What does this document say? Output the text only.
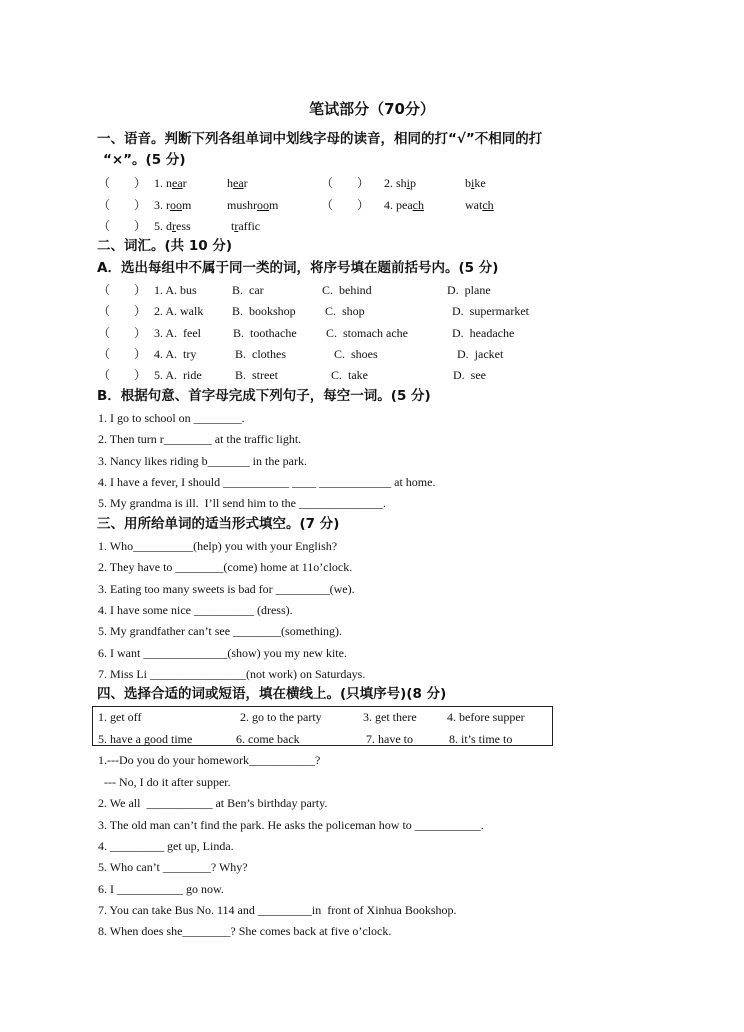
笔试部分（70分）
一、语音。判断下列各组单词中划线字母的读音，相同的打“√”不相同的打
“×”。(5 分)
（　　） 1. near	hear	（　　） 2. ship	bike
（　　） 3. room	mushroom	（　　） 4. peach	watch
（　　） 5. dress	traffic
二、词汇。(共 10 分)
A．选出每组中不属于同一类的词，将序号填在题前括号内。(5 分)
（　　） 1. A. bus	B.  car	C.  behind	D.  plane
（　　） 2. A. walk B.  bookshop C.  shop	D.  supermarket
（　　） 3. A.  feel	B.  toothache C.  stomach ache	D.  headache
（　　） 4. A.  try	B.  clothes	C.  shoes	D.  jacket
（　　） 5. A.  ride	B.  street	C.  take	D.  see
B．根据句意、首字母完成下列句子，每空一词。(5 分)
1. I go to school on ________.
2. Then turn r________ at the traffic light.
3. Nancy likes riding b_______ in the park.
4. I have a fever, I should ___________ ____ ____________ at home.
5. My grandma is ill.  I’ll send him to the ______________.
三、用所给单词的适当形式填空。(7 分)
1. Who__________(help) you with your English?
2. They have to ________(come) home at 11o’clock.
3. Eating too many sweets is bad for _________(we).
4. I have some nice __________ (dress).
5. My grandfather can’t see ________(something).
6. I want ______________(show) you my new kite.
7. Miss Li ________________(not work) on Saturdays.
四、选择合适的词或短语，填在横线上。(只填序号)(8 分)
1. get off	2. go to the party	3. get there	4. before supper
5. have a good time	6. come back	7. have to	8. it’s time to
1.---Do you do your homework___________?
--- No, I do it after supper.
2. We all  ___________ at Ben’s birthday party.
3. The old man can’t find the park. He asks the policeman how to ___________.
4. _________ get up, Linda.
5. Who can’t ________? Why?
6. I ___________ go now.
7. You can take Bus No. 114 and _________in  front of Xinhua Bookshop.
8. When does she________? She comes back at five o’clock.
